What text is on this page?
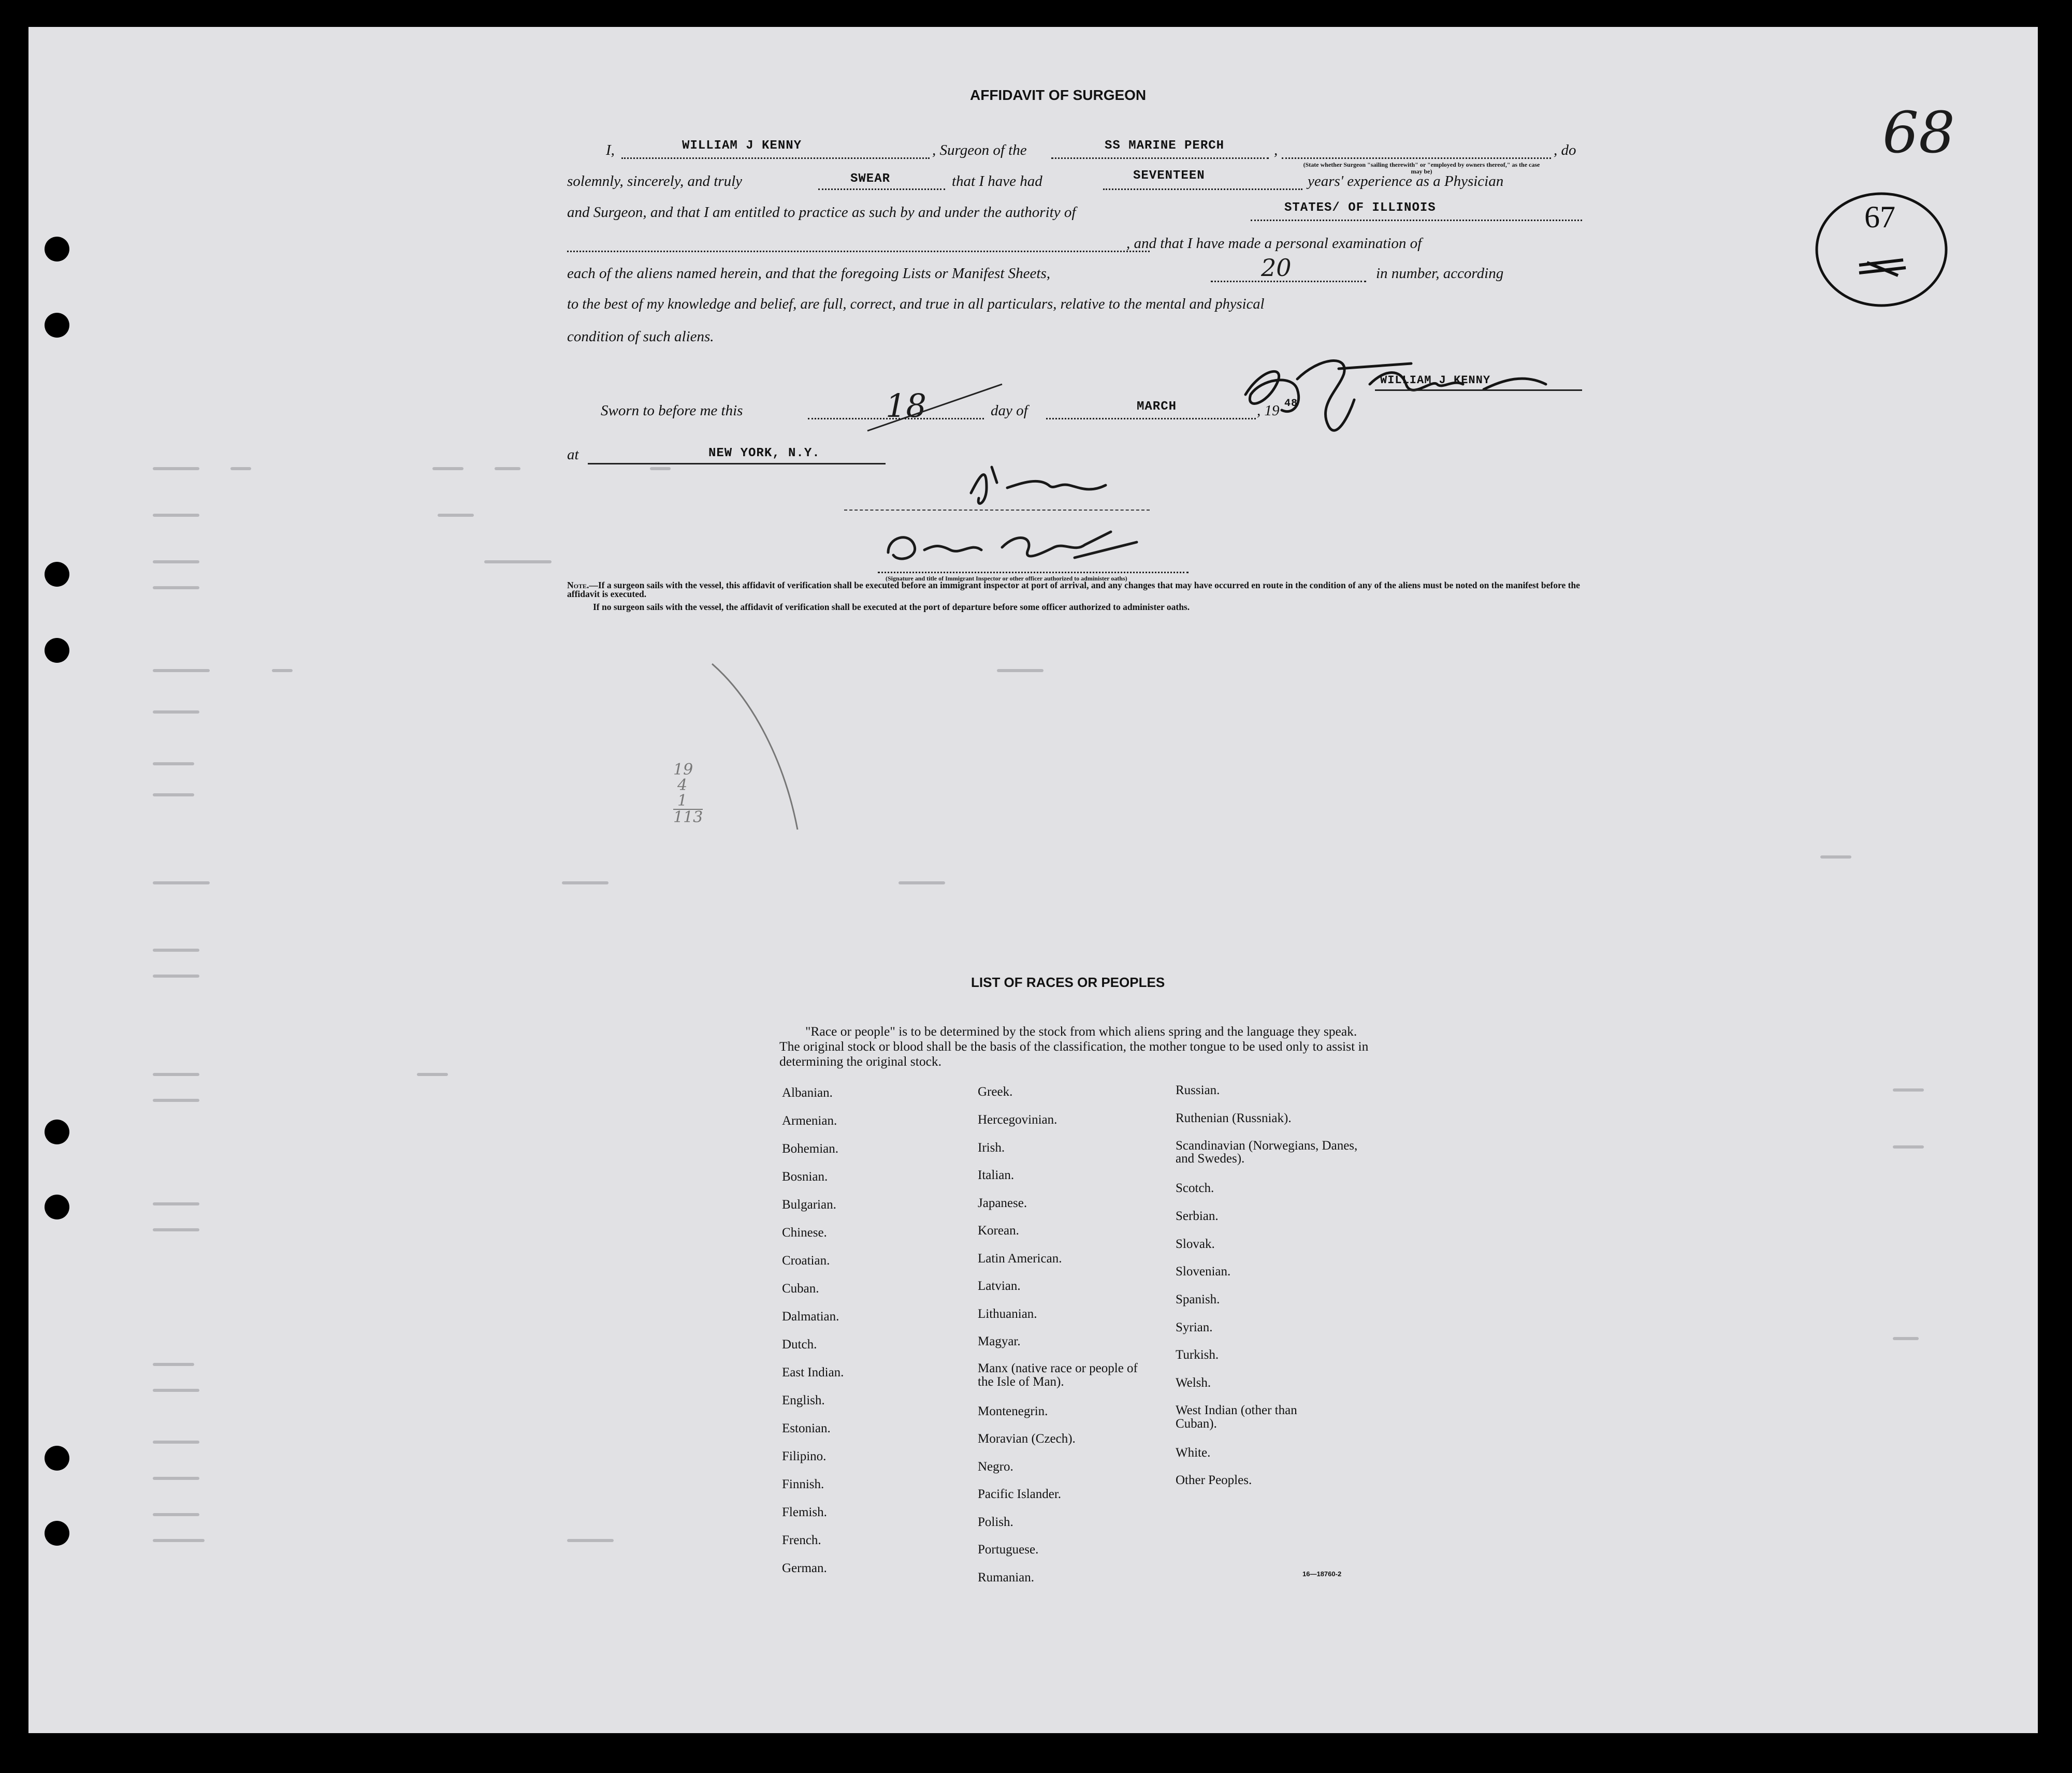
AFFIDAVIT OF SURGEON
I,	WILLIAM J KENNY	, Surgeon of the	SS MARINE PERCH	,	, do
(State whether Surgeon "sailing therewith" or "employed by owners thereof," as the case may be)
solemnly, sincerely, and truly	SWEAR	that I have had	SEVENTEEN	years' experience as a Physician
and Surgeon, and that I am entitled to practice as such by and under the authority of	STATES/ OF ILLINOIS
, and that I have made a personal examination of
each of the aliens named herein, and that the foregoing Lists or Manifest Sheets,	20	in number, according
to the best of my knowledge and belief, are full, correct, and true in all particulars, relative to the mental and physical
condition of such aliens.
WILLIAM J KENNY
Sworn to before me this	18	day of	MARCH	, 19 48
at	NEW YORK, N.Y.
(Signature and title of Immigrant Inspector or other officer authorized to administer oaths)
Note.—If a surgeon sails with the vessel, this affidavit of verification shall be executed before an immigrant inspector at port of arrival, and any changes that may have occurred en route in the condition of any of the aliens must be noted on the manifest before the affidavit is executed.
If no surgeon sails with the vessel, the affidavit of verification shall be executed at the port of departure before some officer authorized to administer oaths.
68
67
19
4
1
113
LIST OF RACES OR PEOPLES
"Race or people" is to be determined by the stock from which aliens spring and the language they speak. The original stock or blood shall be the basis of the classification, the mother tongue to be used only to assist in determining the original stock.
Albanian.
Armenian.
Bohemian.
Bosnian.
Bulgarian.
Chinese.
Croatian.
Cuban.
Dalmatian.
Dutch.
East Indian.
English.
Estonian.
Filipino.
Finnish.
Flemish.
French.
German.
Greek.
Hercegovinian.
Irish.
Italian.
Japanese.
Korean.
Latin American.
Latvian.
Lithuanian.
Magyar.
Manx (native race or people of the Isle of Man).
Montenegrin.
Moravian (Czech).
Negro.
Pacific Islander.
Polish.
Portuguese.
Rumanian.
Russian.
Ruthenian (Russniak).
Scandinavian (Norwegians, Danes, and Swedes).
Scotch.
Serbian.
Slovak.
Slovenian.
Spanish.
Syrian.
Turkish.
Welsh.
West Indian (other than Cuban).
White.
Other Peoples.
16—18760-2
